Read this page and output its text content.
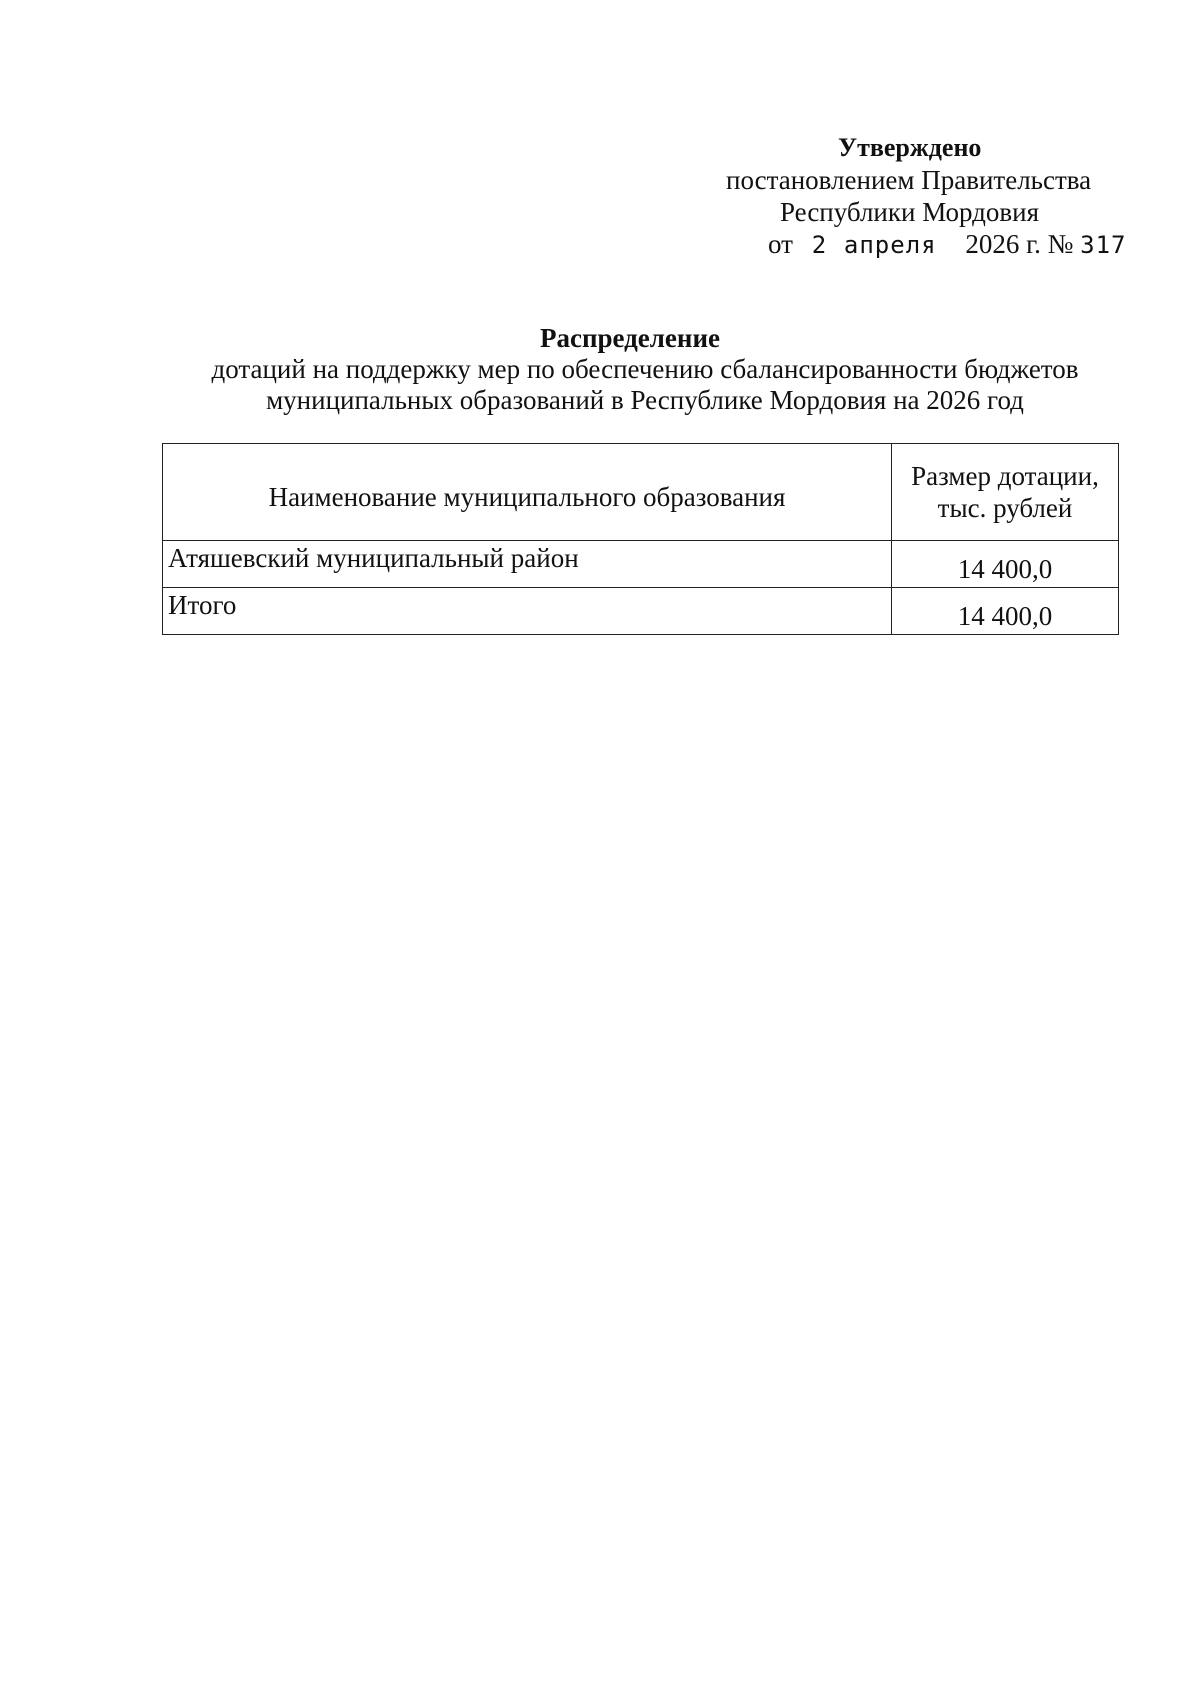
Утверждено
постановлением Правительства
Республики Мордовия
от 2 апреля 2026 г. № 317
Распределение
дотаций на поддержку мер по обеспечению сбалансированности бюджетов
муниципальных образований в Республике Мордовия на 2026 год
Наименование муниципального образования	Размер дотации,
тыс. рублей

Атяшевский муниципальный район	14 400,0
Итого	14 400,0
